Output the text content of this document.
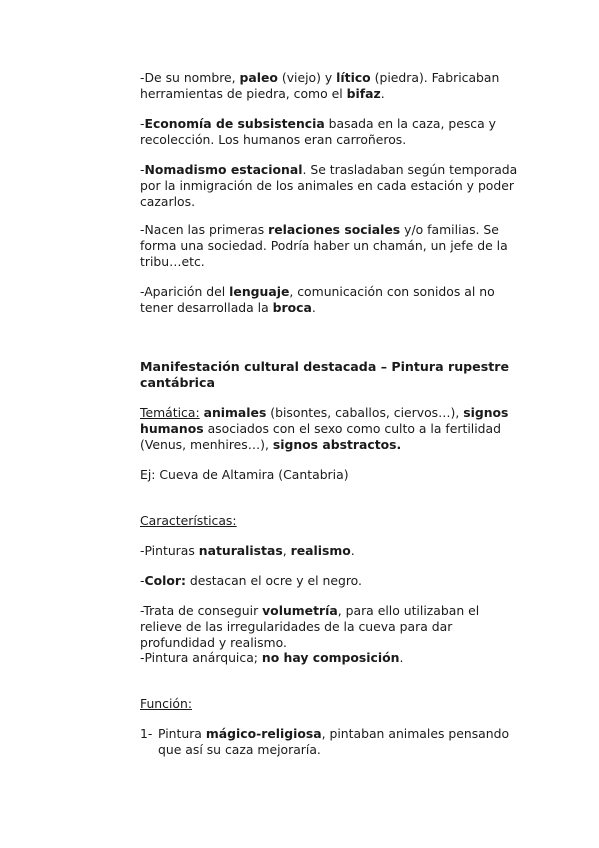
-De su nombre, paleo (viejo) y lítico (piedra). Fabricaban herramientas de piedra, como el bifaz.

-Economía de subsistencia basada en la caza, pesca y recolección. Los humanos eran carroñeros.

-Nomadismo estacional. Se trasladaban según temporada por la inmigración de los animales en cada estación y poder cazarlos.

-Nacen las primeras relaciones sociales y/o familias. Se forma una sociedad. Podría haber un chamán, un jefe de la tribu…etc.

-Aparición del lenguaje, comunicación con sonidos al no tener desarrollada la broca.

Manifestación cultural destacada – Pintura rupestre cantábrica

Temática: animales (bisontes, caballos, ciervos…), signos humanos asociados con el sexo como culto a la fertilidad (Venus, menhires…), signos abstractos.

Ej: Cueva de Altamira (Cantabria)

Características:

-Pinturas naturalistas, realismo.

-Color: destacan el ocre y el negro.

-Trata de conseguir volumetría, para ello utilizaban el relieve de las irregularidades de la cueva para dar profundidad y realismo.

-Pintura anárquica; no hay composición.

Función:

1- Pintura mágico-religiosa, pintaban animales pensando que así su caza mejoraría.
